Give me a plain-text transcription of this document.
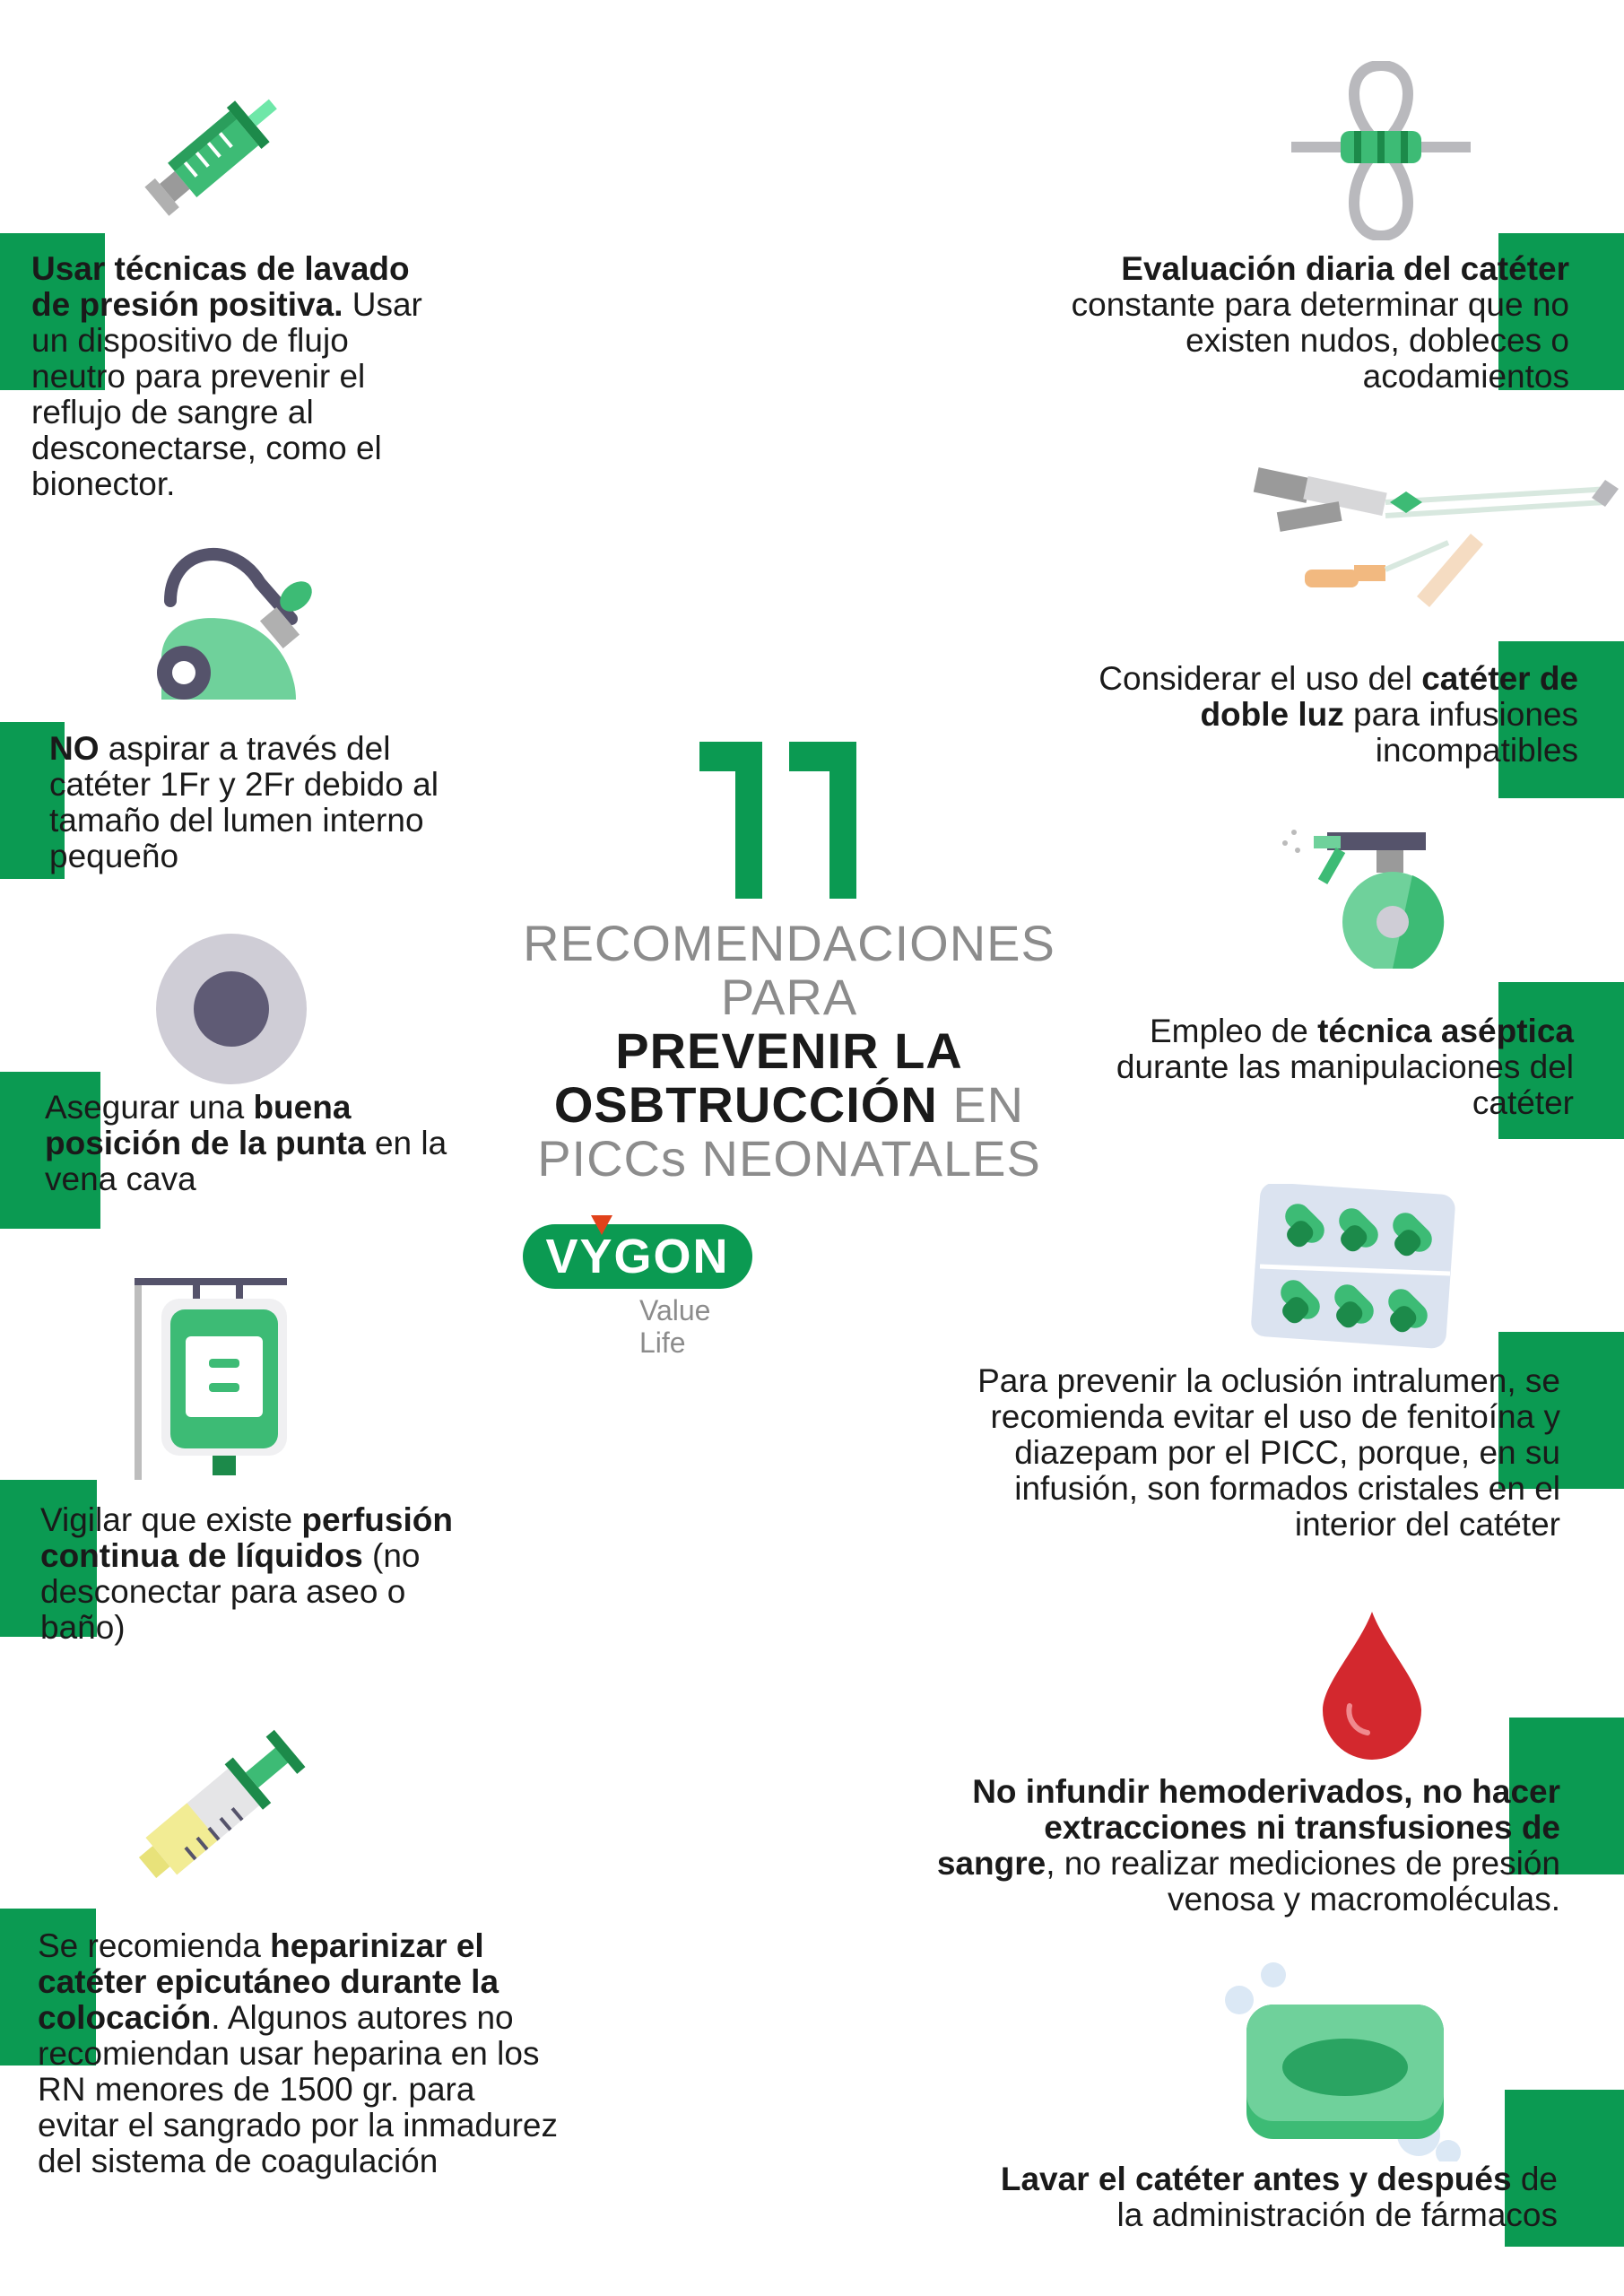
Usar técnicas de lavado de presión positiva. Usar un dispositivo de flujo neutro para prevenir el reflujo de sangre al desconectarse, como el bionector.
NO aspirar a través del catéter 1Fr y 2Fr debido al tamaño del lumen interno pequeño
Asegurar una buena posición de la punta en la vena cava
Vigilar que existe perfusión continua de líquidos (no desconectar para aseo o baño)
Se recomienda heparinizar el catéter epicutáneo durante la colocación. Algunos autores no recomiendan usar heparina en los RN menores de 1500 gr. para evitar el sangrado por la inmadurez del sistema de coagulación
RECOMENDACIONES
PARA
PREVENIR LA
OSBTRUCCIÓN EN
PICCs NEONATALES
VYGON
Value Life
Evaluación diaria del catéter constante para determinar que no existen nudos, dobleces o acodamientos
Considerar el uso del catéter de doble luz para infusiones incompatibles
Empleo de técnica aséptica durante las manipulaciones del catéter
Para prevenir la oclusión intralumen, se recomienda evitar el uso de fenitoína y diazepam por el PICC, porque, en su infusión, son formados cristales en el interior del catéter
No infundir hemoderivados, no hacer extracciones ni transfusiones de sangre, no realizar mediciones de presión venosa y macromoléculas.
Lavar el catéter antes y después de la administración de fármacos
